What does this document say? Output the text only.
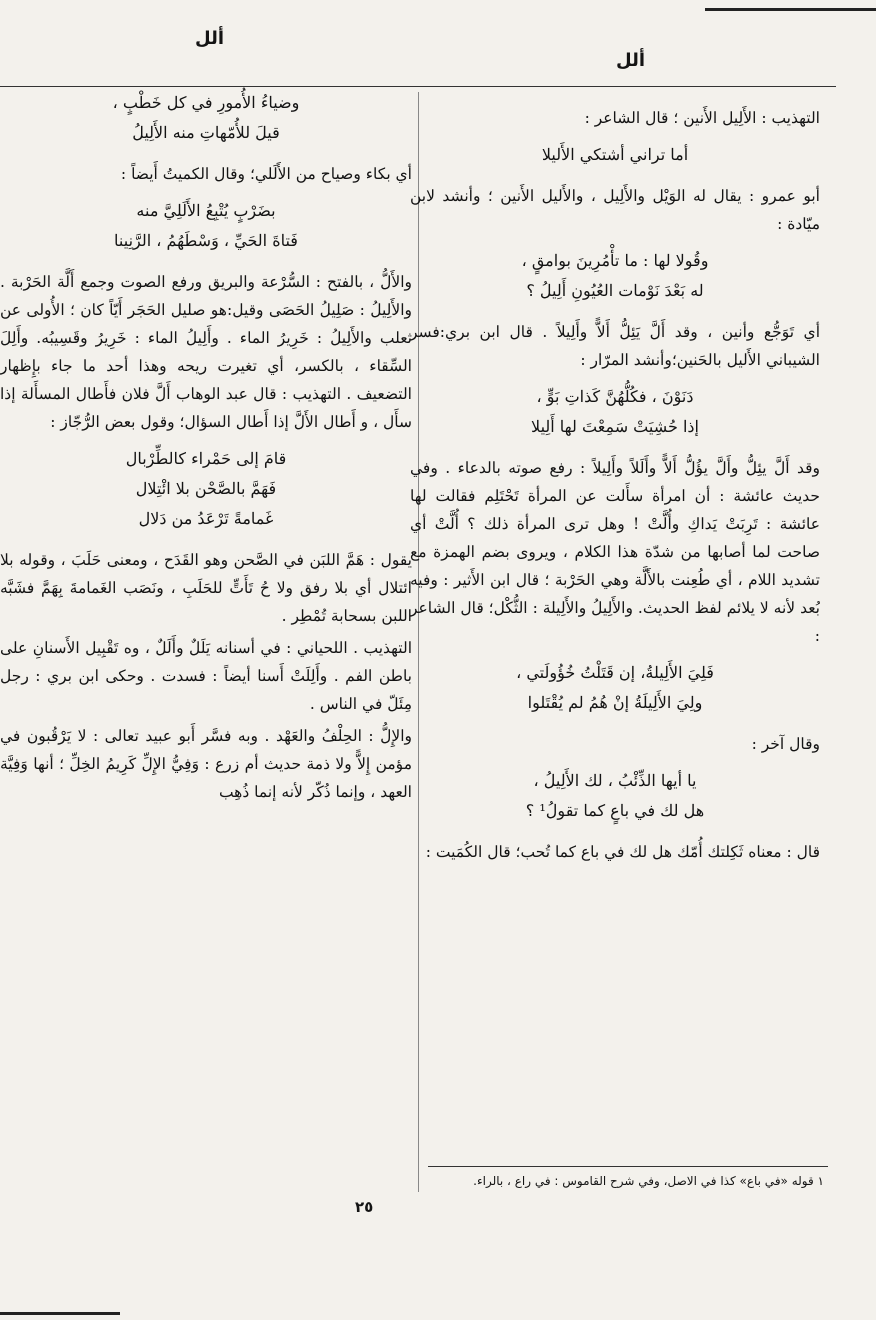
ألل
ألل

التهذيب : الأَلِيل الأَنين ؛ قال الشاعر :

أما تراني أشتكي الأَليلا

أبو عمرو : يقال له الوَيْل والأَلِيل ، والأَليل الأَنين ؛ وأنشد لابن ميّادة :

وقُولا لها : ما تأْمُرِينَ بوامقٍ ،

له بَعْدَ نَوْمات العُيُونِ أَلِيلُ ؟

أي تَوَجُّع وأنين ، وقد أَلَّ يَئِلُّ أَلاًّ وأَلِيلاً . قال ابن بري:فسر الشيباني الأَليل بالحَنين؛وأنشد المرّار :

دَنَوْنَ ، فكُلُّهُنَّ كَذاتِ بَوٍّ ،

إذا حُشِيَتْ سَمِعْتَ لها أَلِيلا

وقد أَلَّ يئِلُّ وأَلَّ يؤُلُّ أَلاًّ وأَلَلاً وأَلِيلاً : رفع صوته بالدعاء . وفي حديث عائشة : أن امرأة سأَلت عن المرأة تَحْتَلِم فقالت لها عائشة : تَرِبَتْ يَداكِ وأُلَّتْ ! وهل ترى المرأة ذلك ؟ أُلَّتْ أي صاحت لما أصابها من شدّة هذا الكلام ، ويروى بضم الهمزة مع تشديد اللام ، أي طُعِنت بالأَلَّة وهي الحَرْبة ؛ قال ابن الأَثير : وفيه بُعد لأنه لا يلائم لفظ الحديث. والأَلِيلُ والأَلِيلة : الثُّكْل؛ قال الشاعر :

فَلِيَ الأَلِيلةُ، إن قَتَلْتُ خُؤُولَتي ،

ولِيَ الأَلِيلَةُ إنْ هُمُ لم يُقْتَلوا

وقال آخر :

يا أيها الذِّئْبُ ، لك الأَلِيلُ ،

هل لك في باعٍ كما تقولُ¹ ؟

قال : معناه ثَكِلتك أُمّك هل لك في باع كما تُحب؛ قال الكُمَيت :

وضياءُ الأُمورِ في كل خَطْبٍ ،

قيلَ للأُمّهاتِ منه الأَلِيلُ

أي بكاء وصياح من الأَلَلي؛ وقال الكميتُ أَيضاً :

بضَرْبٍ يُتْبِعُ الأَلَلِيَّ منه

فَتاةَ الحَيِّ ، وَسْطَهُمُ ، الرَّنِينا

والأَلُّ ، بالفتح : السُّرْعة والبريق ورفع الصوت وجمع أَلَّة الحَرْبة . والأَلِيلُ : صَلِيلُ الحَصَى وقيل:هو صليل الحَجَر أَيّاً كان ؛ الأُولى عن ثعلب والأَلِيلُ : خَرِيرُ الماء . وأَلِيلُ الماء : خَرِيرُ وقَسِيبُه. وأَلِلَ السِّقاء ، بالكسر، أي تغيرت ريحه وهذا أحد ما جاء بإِظهار التضعيف . التهذيب : قال عبد الوهاب أَلَّ فلان فأَطال المسأَلة إذا سأَل ، و أَطال الأَلَّ إذا أَطال السؤال؛ وقول بعض الرُّجّاز :

قامَ إلى حَمْراء كالطِّرْبال

فَهَمَّ بالصَّحْن بلا ائْتِلال

غَمامةً تَرْعَدُ من دَلال

يقول : هَمَّ اللبَن في الصَّحن وهو القَدَح ، ومعنى حَلَبَ ، وقوله بلا ائتلال أي بلا رفق ولا حُ تَأَتٍّ للحَلَبِ ، ونَصَب الغَمامةَ بِهَمَّ فشَبَّه اللبن بسحابة تُمْطِر .

التهذيب . اللحياني : في أسنانه يَلَلٌ وأَلَلٌ ، وه تَقْبِيل الأَسنانِ على باطن الفم . وأَلِلَتْ أَسنا أيضاً : فسدت . وحكى ابن بري : رجل مِئَلّ في الناس .

والإِلُّ : الحِلْفُ والعَهْد . وبه فسَّر أَبو عبيد تعالى : لا يَرْقُبون في مؤمن إِلاًّ ولا ذمة حديث أم زرع : وَفِيُّ الإِلِّ كَرِيمُ الخِلِّ ؛ أنها وَفِيَّة العهد ، وإنما ذُكّر لأنه إنما ذُهِب

١ قوله «في باع» كذا في الاصل، وفي شرح القاموس : في راع ، بالراء.
٢٥
